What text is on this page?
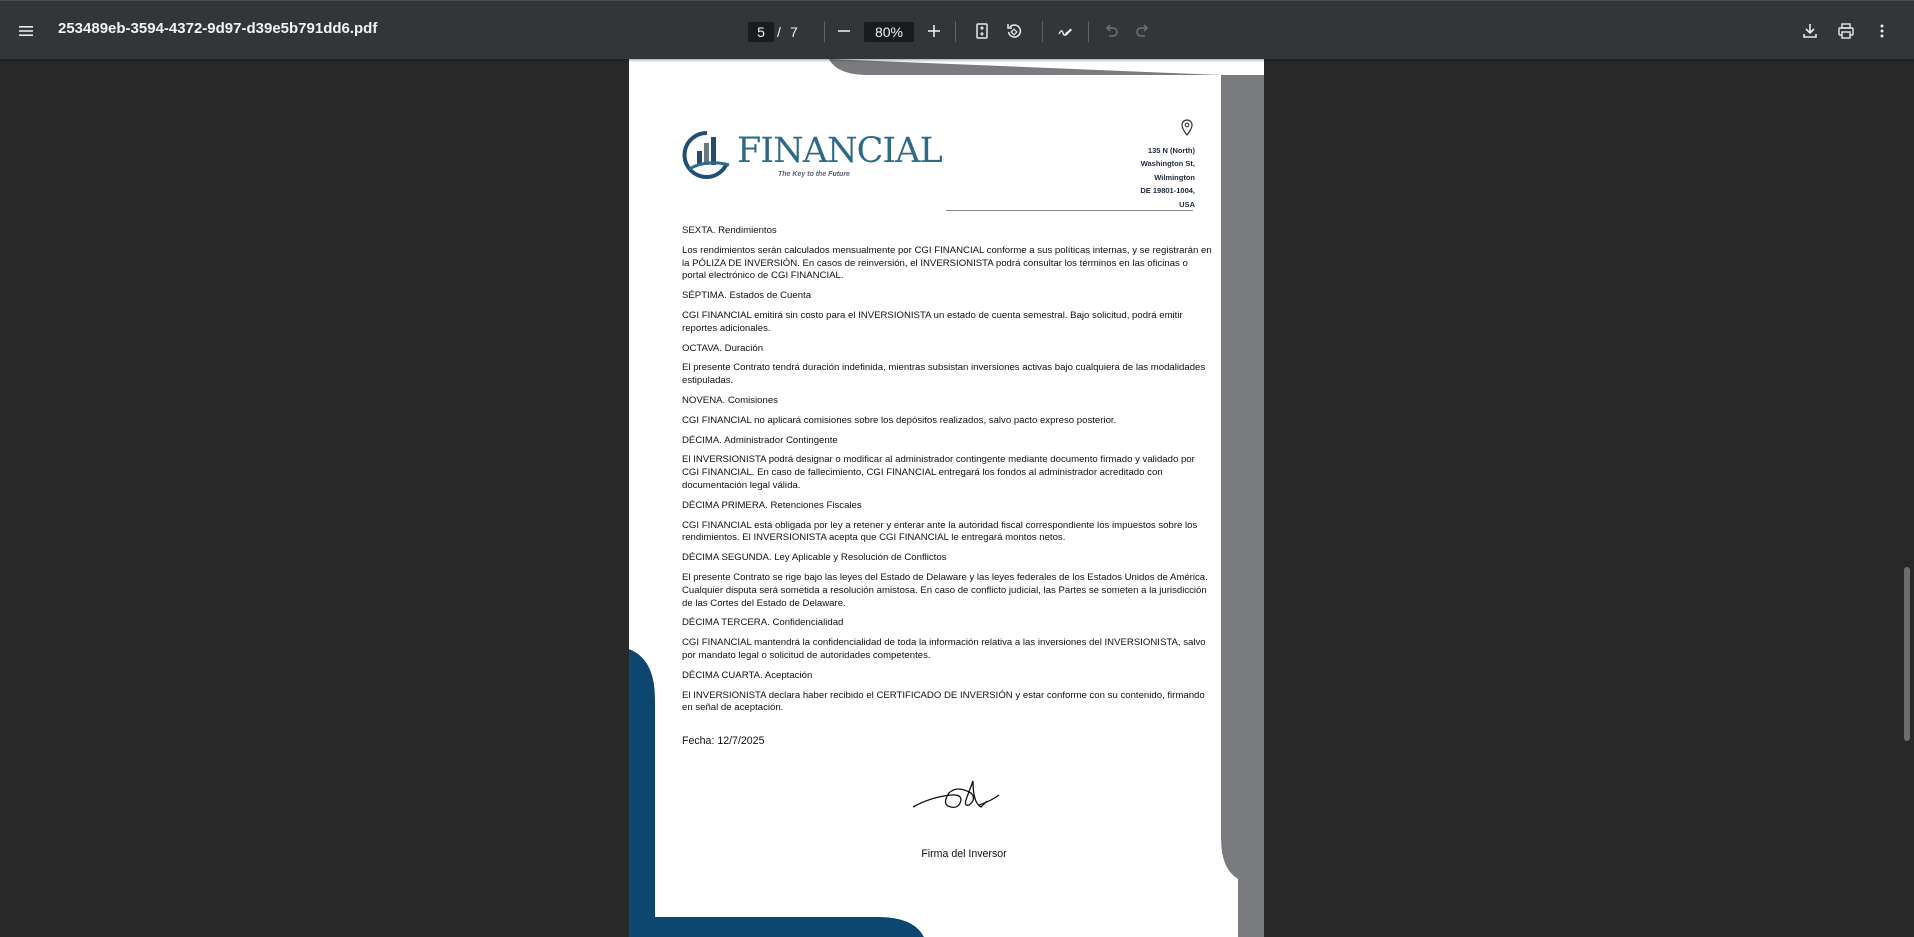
253489eb-3594-4372-9d97-d39e5b791dd6.pdf	5 / 7	80%
FINANCIAL
The Key to the Future
135 N (North)
Washington St,
Wilmington
DE 19801-1004,
USA
SEXTA. Rendimientos
Los rendimientos serán calculados mensualmente por CGI FINANCIAL conforme a sus políticas internas, y se registrarán en la PÓLIZA DE INVERSIÓN. En casos de reinversión, el INVERSIONISTA podrá consultar los términos en las oficinas o portal electrónico de CGI FINANCIAL.
SÉPTIMA. Estados de Cuenta
CGI FINANCIAL emitirá sin costo para el INVERSIONISTA un estado de cuenta semestral. Bajo solicitud, podrá emitir reportes adicionales.
OCTAVA. Duración
El presente Contrato tendrá duración indefinida, mientras subsistan inversiones activas bajo cualquiera de las modalidades estipuladas.
NOVENA. Comisiones
CGI FINANCIAL no aplicará comisiones sobre los depósitos realizados, salvo pacto expreso posterior.
DÉCIMA. Administrador Contingente
El INVERSIONISTA podrá designar o modificar al administrador contingente mediante documento firmado y validado por CGI FINANCIAL. En caso de fallecimiento, CGI FINANCIAL entregará los fondos al administrador acreditado con documentación legal válida.
DÉCIMA PRIMERA. Retenciones Fiscales
CGI FINANCIAL está obligada por ley a retener y enterar ante la autoridad fiscal correspondiente los impuestos sobre los rendimientos. El INVERSIONISTA acepta que CGI FINANCIAL le entregará montos netos.
DÉCIMA SEGUNDA. Ley Aplicable y Resolución de Conflictos
El presente Contrato se rige bajo las leyes del Estado de Delaware y las leyes federales de los Estados Unidos de América. Cualquier disputa será sometida a resolución amistosa. En caso de conflicto judicial, las Partes se someten a la jurisdicción de las Cortes del Estado de Delaware.
DÉCIMA TERCERA. Confidencialidad
CGI FINANCIAL mantendrá la confidencialidad de toda la información relativa a las inversiones del INVERSIONISTA, salvo por mandato legal o solicitud de autoridades competentes.
DÉCIMA CUARTA. Aceptación
El INVERSIONISTA declara haber recibido el CERTIFICADO DE INVERSIÓN y estar conforme con su contenido, firmando en señal de aceptación.
Fecha: 12/7/2025
Firma del Inversor
